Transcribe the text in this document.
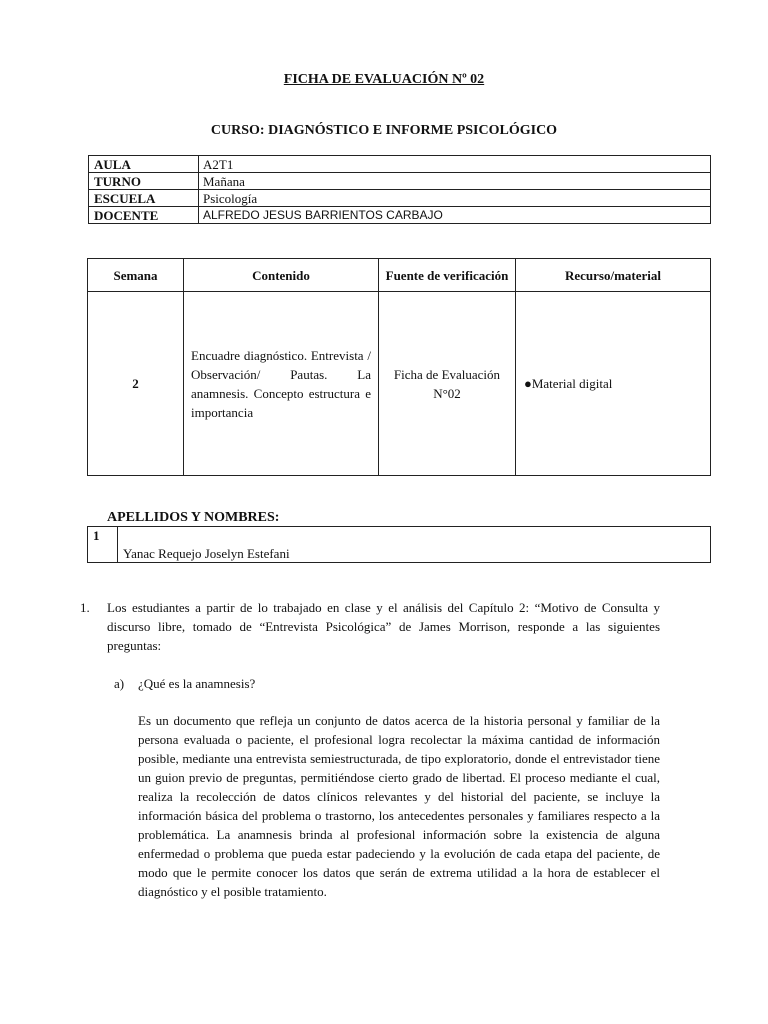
FICHA DE EVALUACIÓN Nº 02
CURSO: DIAGNÓSTICO E INFORME PSICOLÓGICO
AULA	A2T1
TURNO	Mañana
ESCUELA	Psicología
DOCENTE	ALFREDO JESUS BARRIENTOS CARBAJO
Semana	Contenido	Fuente de verificación	Recurso/material
2	Encuadre diagnóstico. Entrevista / Observación/ Pautas. La anamnesis. Concepto estructura e importancia	Ficha de Evaluación N°02	●Material digital
APELLIDOS Y NOMBRES:
1	Yanac Requejo Joselyn Estefani
1. Los estudiantes a partir de lo trabajado en clase y el análisis del Capítulo 2: “Motivo de Consulta y discurso libre, tomado de “Entrevista Psicológica” de James Morrison, responde a las siguientes preguntas:
a) ¿Qué es la anamnesis?
Es un documento que refleja un conjunto de datos acerca de la historia personal y familiar de la persona evaluada o paciente, el profesional logra recolectar la máxima cantidad de información posible, mediante una entrevista semiestructurada, de tipo exploratorio, donde el entrevistador tiene un guion previo de preguntas, permitiéndose cierto grado de libertad. El proceso mediante el cual, realiza la recolección de datos clínicos relevantes y del historial del paciente, se incluye la información básica del problema o trastorno, los antecedentes personales y familiares respecto a la problemática. La anamnesis brinda al profesional información sobre la existencia de alguna enfermedad o problema que pueda estar padeciendo y la evolución de cada etapa del paciente, de modo que le permite conocer los datos que serán de extrema utilidad a la hora de establecer el diagnóstico y el posible tratamiento.
